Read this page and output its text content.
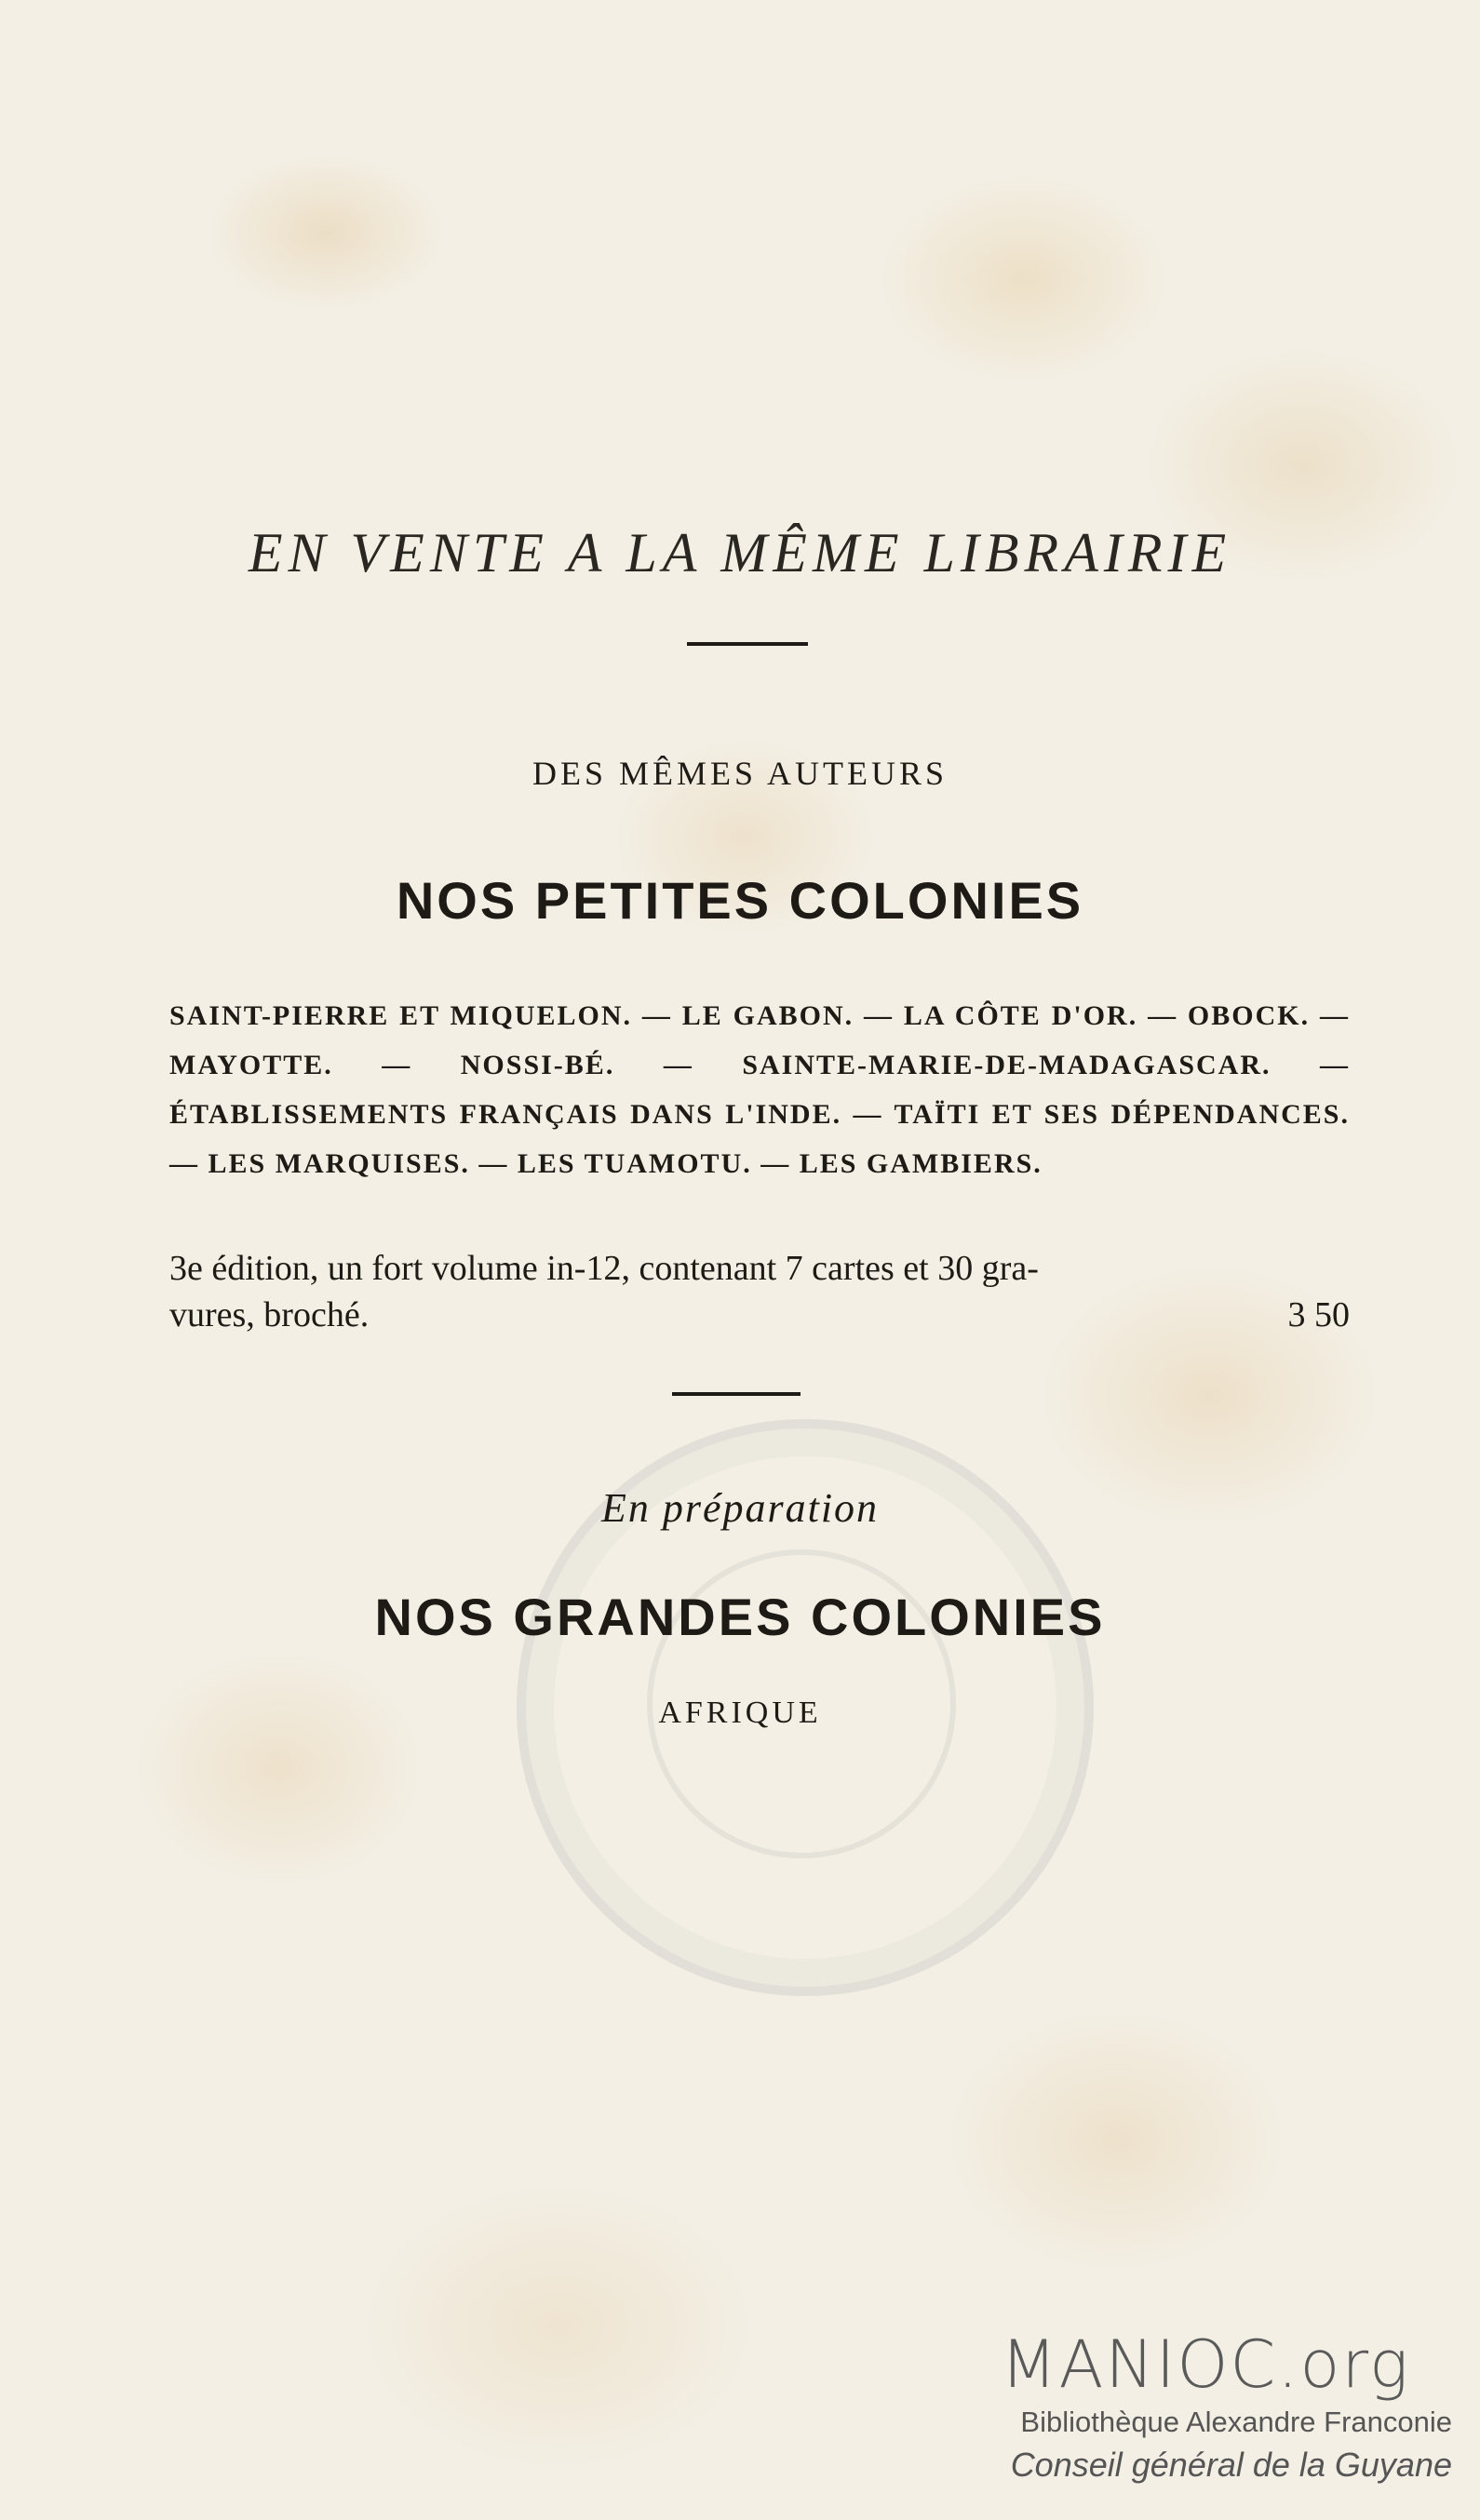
EN VENTE A LA MÊME LIBRAIRIE
DES MÊMES AUTEURS
NOS PETITES COLONIES
SAINT-PIERRE ET MIQUELON. — LE GABON. — LA CÔTE D'OR. — OBOCK. — MAYOTTE. — NOSSI-BÉ. — SAINTE-MARIE-DE-MADAGASCAR. — ÉTABLISSEMENTS FRANÇAIS DANS L'INDE. — TAÏTI ET SES DÉPENDANCES. — LES MARQUISES. — LES TUAMOTU. — LES GAMBIERS.
3e édition, un fort volume in-12, contenant 7 cartes et 30 gra-
vures, broché.	3 50
En préparation
NOS GRANDES COLONIES
AFRIQUE
MANIOC.org
Bibliothèque Alexandre Franconie
Conseil général de la Guyane
